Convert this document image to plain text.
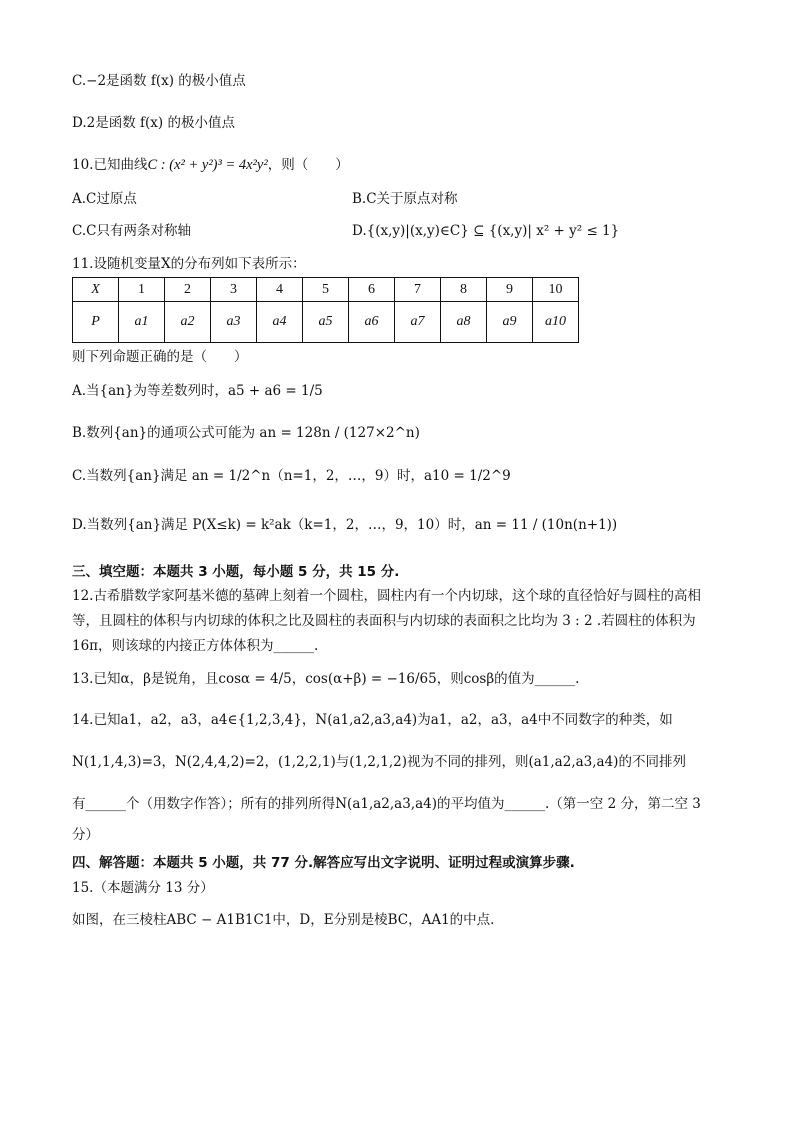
C.−2是函数 f(x) 的极小值点
D.2是函数 f(x) 的极小值点
10.已知曲线C : (x² + y²)³ = 4x²y²，则（　　）
A.C过原点	B.C关于原点对称
C.C只有两条对称轴	D.{(x,y)|(x,y)∈C} ⊆ {(x,y)| x² + y² ≤ 1}
11.设随机变量X的分布列如下表所示：
X	1	2	3	4	5	6	7	8	9	10
P	a1	a2	a3	a4	a5	a6	a7	a8	a9	a10
则下列命题正确的是（　　）
A.当{an}为等差数列时，a5 + a6 = 1/5
B.数列{an}的通项公式可能为 an = 128n / (127×2^n)
C.当数列{an}满足 an = 1/2^n（n=1，2，…，9）时，a10 = 1/2^9
D.当数列{an}满足 P(X≤k) = k²ak（k=1，2，…，9，10）时，an = 11 / (10n(n+1))
三、填空题：本题共 3 小题，每小题 5 分，共 15 分.
12.古希腊数学家阿基米德的墓碑上刻着一个圆柱，圆柱内有一个内切球，这个球的直径恰好与圆柱的高相
等，且圆柱的体积与内切球的体积之比及圆柱的表面积与内切球的表面积之比均为 3 : 2 .若圆柱的体积为
16π，则该球的内接正方体体积为______.
13.已知α，β是锐角，且cosα = 4/5，cos(α+β) = −16/65，则cosβ的值为______.
14.已知a1，a2，a3，a4∈{1,2,3,4}，N(a1,a2,a3,a4)为a1，a2，a3，a4中不同数字的种类，如
N(1,1,4,3)=3，N(2,4,4,2)=2，(1,2,2,1)与(1,2,1,2)视为不同的排列，则(a1,a2,a3,a4)的不同排列
有______个（用数字作答）；所有的排列所得N(a1,a2,a3,a4)的平均值为______.（第一空 2 分，第二空 3
分）
四、解答题：本题共 5 小题，共 77 分.解答应写出文字说明、证明过程或演算步骤.
15.（本题满分 13 分）
如图，在三棱柱ABC − A1B1C1中，D，E分别是棱BC，AA1的中点.
